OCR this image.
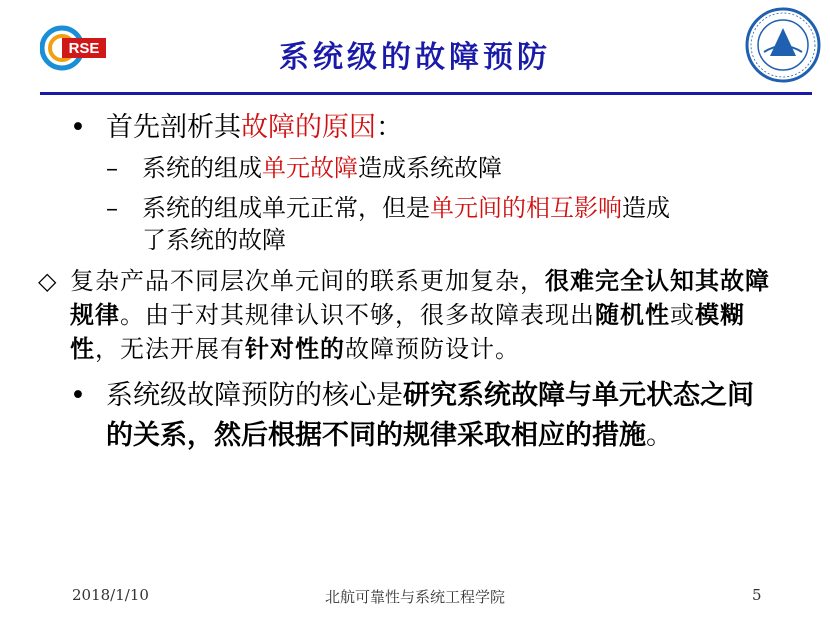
RSE	系统级的故障预防
• 首先剖析其故障的原因：
– 系统的组成单元故障造成系统故障
– 系统的组成单元正常，但是单元间的相互影响造成
了系统的故障
◇ 复杂产品不同层次单元间的联系更加复杂，很难完全认知其故障规律。由于对其规律认识不够，很多故障表现出随机性或模糊性，无法开展有针对性的故障预防设计。
• 系统级故障预防的核心是研究系统故障与单元状态之间的关系，然后根据不同的规律采取相应的措施。
2018/1/10	北航可靠性与系统工程学院	5
